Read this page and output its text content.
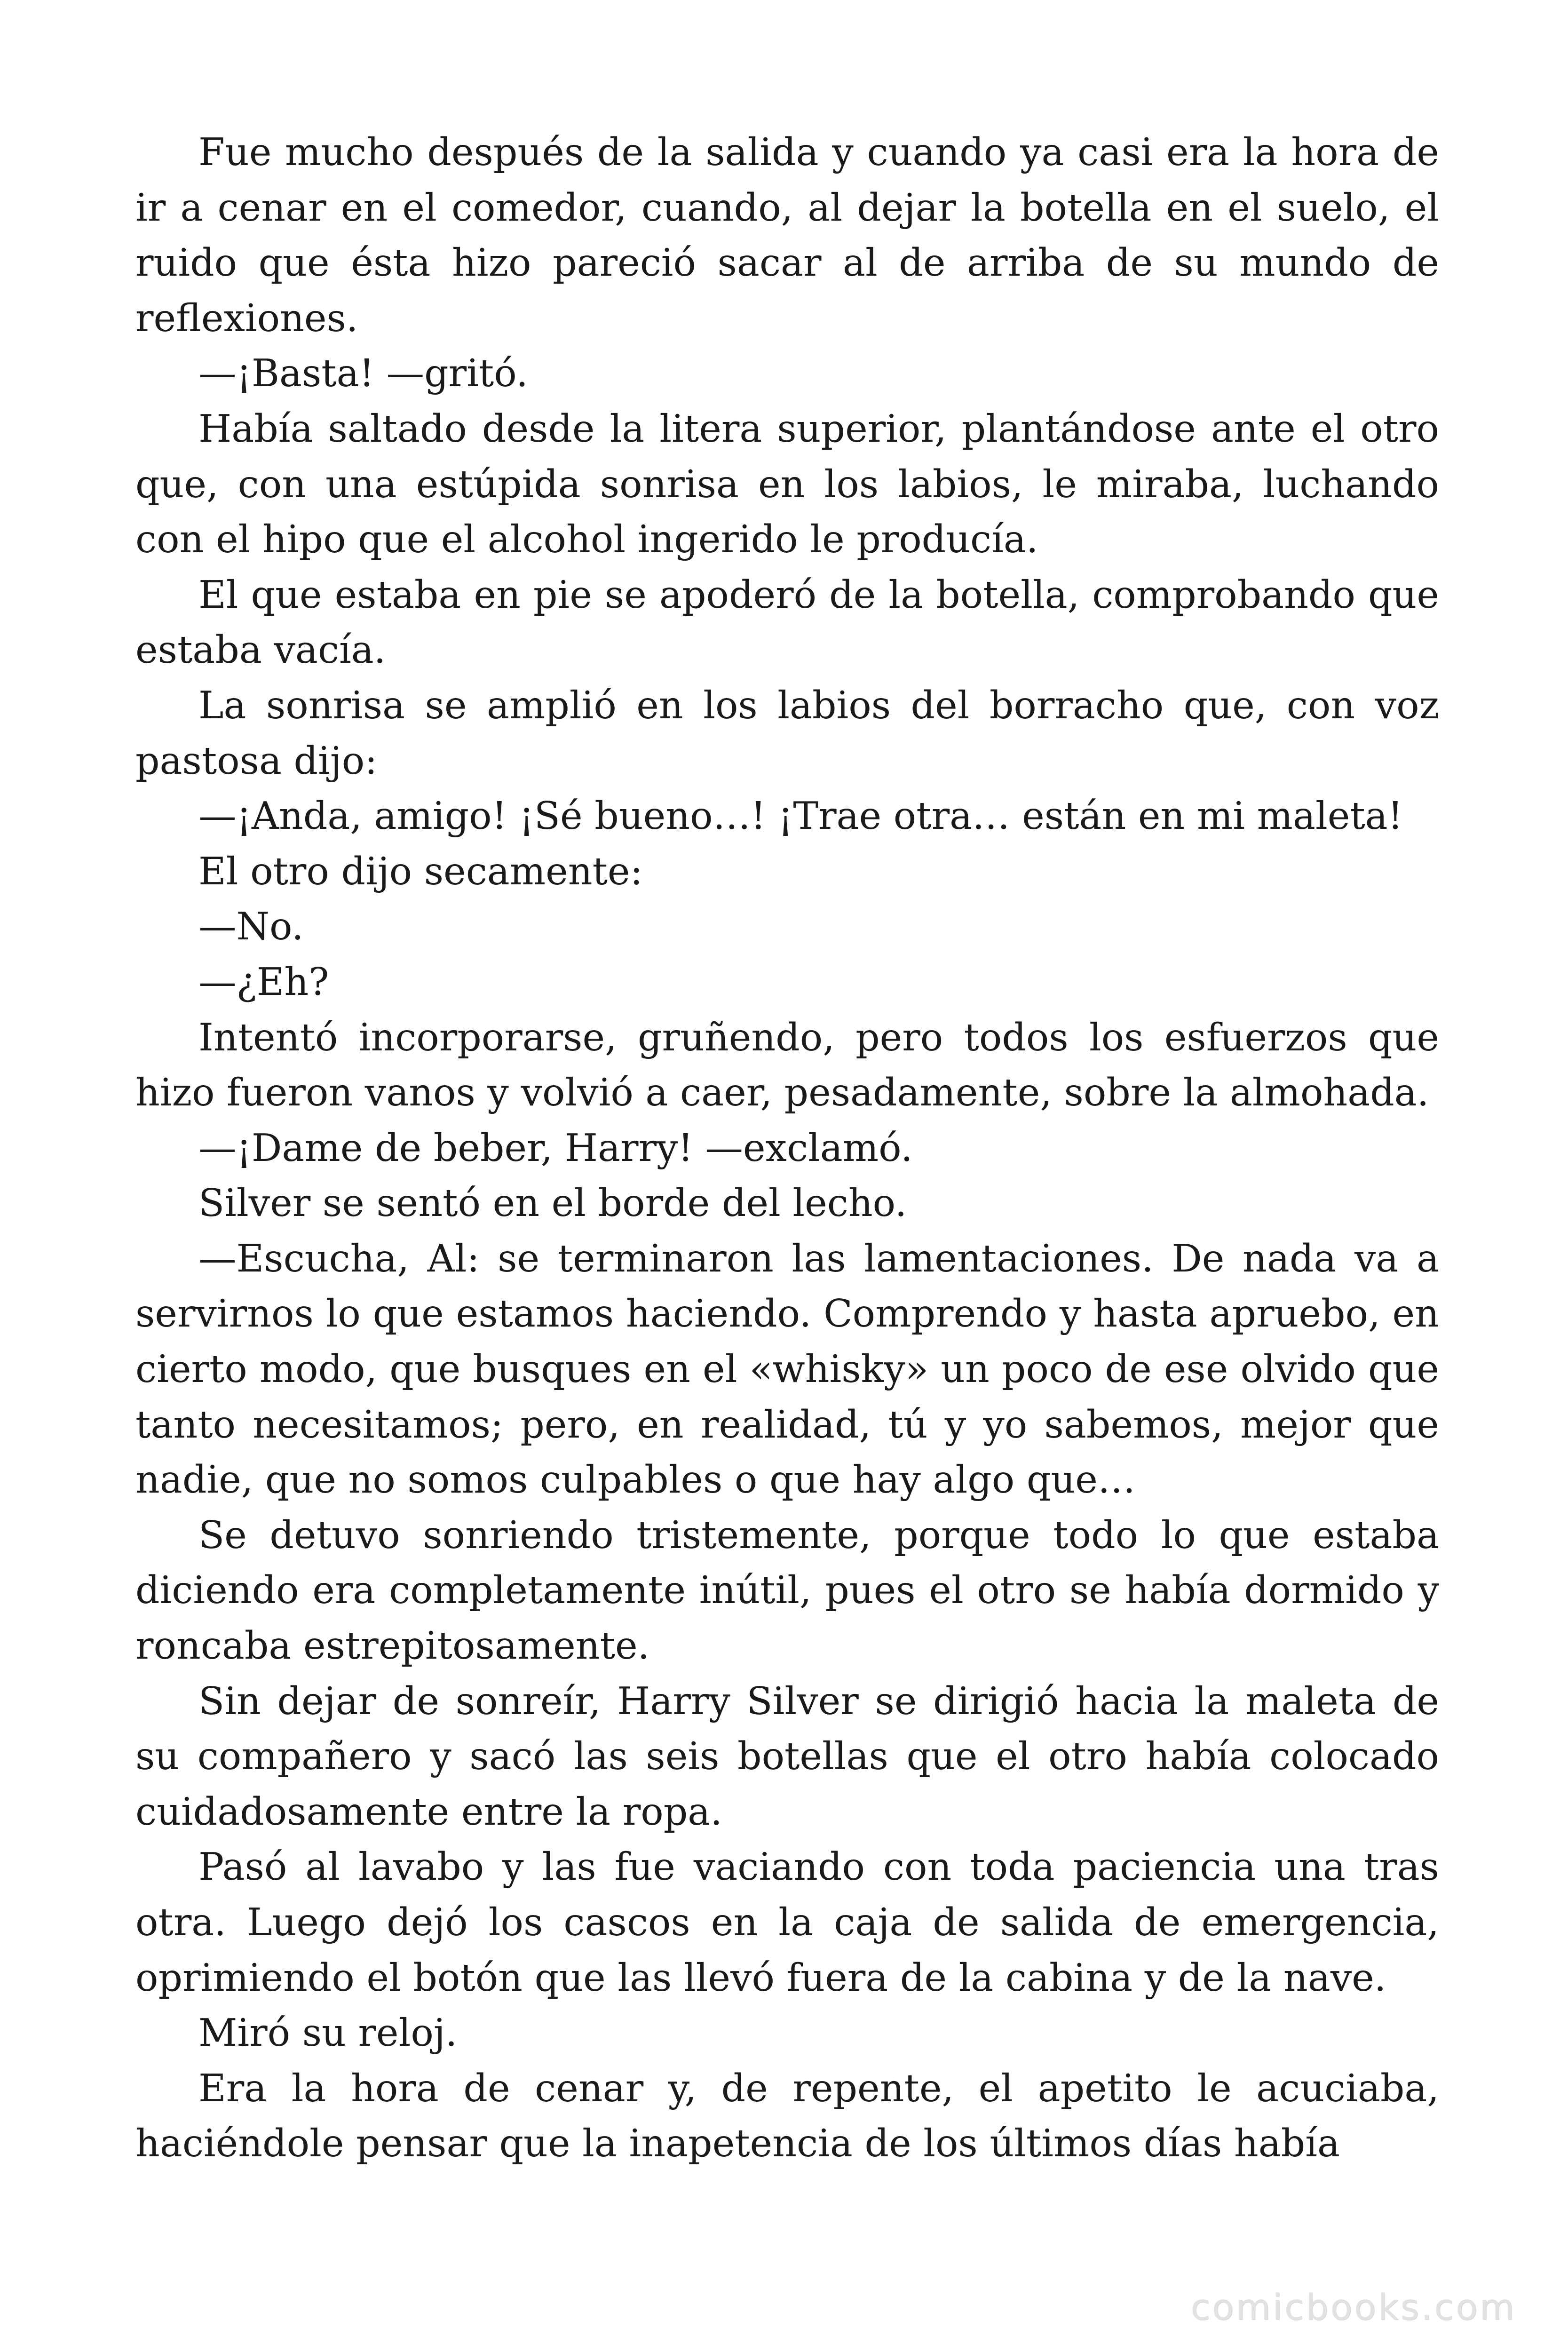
Fue mucho después de la salida y cuando ya casi era la hora de ir a cenar en el comedor, cuando, al dejar la botella en el suelo, el ruido que ésta hizo pareció sacar al de arriba de su mundo de reflexiones.

—¡Basta! —gritó.

Había saltado desde la litera superior, plantándose ante el otro que, con una estúpida sonrisa en los labios, le miraba, luchando con el hipo que el alcohol ingerido le producía.

El que estaba en pie se apoderó de la botella, comprobando que estaba vacía.

La sonrisa se amplió en los labios del borracho que, con voz pastosa dijo:

—¡Anda, amigo! ¡Sé bueno…! ¡Trae otra… están en mi maleta!

El otro dijo secamente:

—No.

—¿Eh?

Intentó incorporarse, gruñendo, pero todos los esfuerzos que hizo fueron vanos y volvió a caer, pesadamente, sobre la almohada.

—¡Dame de beber, Harry! —exclamó.

Silver se sentó en el borde del lecho.

—Escucha, Al: se terminaron las lamentaciones. De nada va a servirnos lo que estamos haciendo. Comprendo y hasta apruebo, en cierto modo, que busques en el «whisky» un poco de ese olvido que tanto necesitamos; pero, en realidad, tú y yo sabemos, mejor que nadie, que no somos culpables o que hay algo que…

Se detuvo sonriendo tristemente, porque todo lo que estaba diciendo era completamente inútil, pues el otro se había dormido y roncaba estrepitosamente.

Sin dejar de sonreír, Harry Silver se dirigió hacia la maleta de su compañero y sacó las seis botellas que el otro había colocado cuidadosamente entre la ropa.

Pasó al lavabo y las fue vaciando con toda paciencia una tras otra. Luego dejó los cascos en la caja de salida de emergencia, oprimiendo el botón que las llevó fuera de la cabina y de la nave.

Miró su reloj.

Era la hora de cenar y, de repente, el apetito le acuciaba, haciéndole pensar que la inapetencia de los últimos días había

comicbooks.com
